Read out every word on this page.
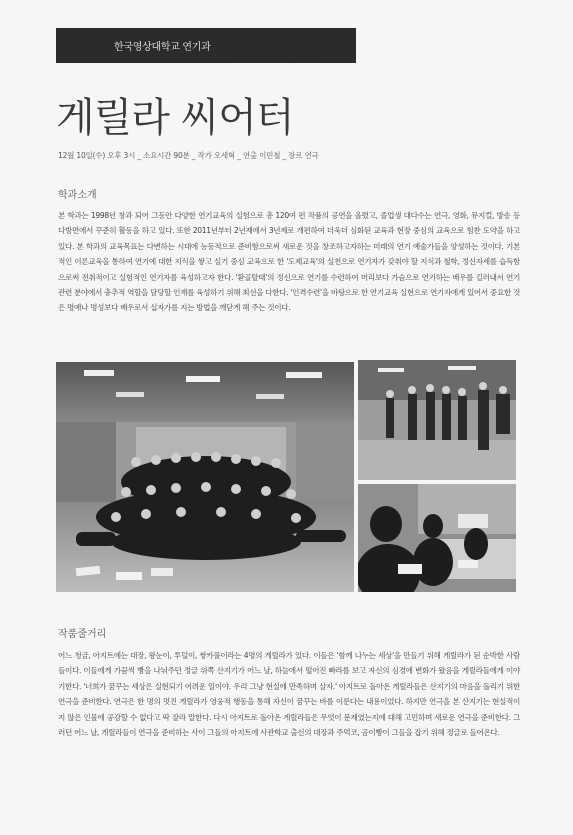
한국영상대학교 연기과
한국영상대학교
게릴라 씨어터
12월 10일(수) 오후 3시 _ 소요시간 90분 _ 작가 오세혁 _ 연출 이민철 _ 장르 연극
학과소개

본 학과는 1998년 창과 되어 그동안 다양한 연기교육의 실험으로 총 120여 편 작품의 공연을 올렸고, 졸업생 대다수는 연극, 영화, 뮤지컬, 방송 등 다방면에서 꾸준히 활동을 하고 있다. 또한 2011년부터 2년제에서 3년제로 개편하여 더욱더 심화된 교육과 현장 중심의 교육으로 힘찬 도약을 하고 있다. 본 학과의 교육목표는 다변하는 시대에 능동적으로 준비함으로써 새로운 것을 창조하고자하는 미래의 연기 예술가들을 양성하는 것이다. 기본적인 이론교육을 통하여 연기에 대한 지식을 쌓고 실기 중심 교육으로 한 '도제교육'의 실천으로 연기자가 갖춰야 할 지식과 철학, 정신자세를 습득함으로써 전취적이고 실험적인 연기자를 육성하고자 한다. '환골탈태'의 정신으로 연기를 수련하여 머리보다 가슴으로 연기하는 배우를 길러내서 연기관련 분야에서 충추적 역할을 담당할 인재를 육성하기 위해 최선을 다한다. '인격수련'을 바탕으로 한 연기교육 실현으로 연기자에게 있어서 중요한 것은 명예나 명성보다 배우로서 십자가를 지는 방법을 깨닫게 해 주는 것이다.

작품줄거리

어느 청금, 아지트에는 대장, 왕눈이, 투덜이, 쌍카풀이라는 4명의 게릴라가 있다. 이들은 '함께 나누는 세상'을 만들기 위해 게릴라가 된 순박한 사람들이다. 이들에게 가끔씩 빵을 나눠주던 정글 위쪽 산지기가 어느 날, 하늘에서 떨어진 빠라를 보고 자신의 심경에 변화가 왔음을 게릴라들에게 이야기한다. '너희가 꿈꾸는 세상은 실현되기 어려운 일이야. 우리 그냥 현실에 만족하며 살자.' 아지트로 돌아온 게릴라들은 산지기의 마음을 돌리기 위한 연극을 준비한다. 연극은 한 명의 멋진 게릴라가 영웅적 행동을 통해 자신이 꿈꾸는 바를 이룬다는 내용이었다. 하지만 연극을 본 산지기는 현실적이지 않은 인물에 공감할 수 없다고 딱 잘라 말한다. 다시 아지트로 돌아온 게릴라들은 무엇이 문제였는지에 대해 고민하며 새로운 연극을 준비한다. 그러던 어느 날, 게릴라들이 연극을 준비하는 사이 그들의 아지트에 사관학교 출신의 대장과 주먹코, 곰이빵이 그들을 잡기 위해 정글로 들어온다.
